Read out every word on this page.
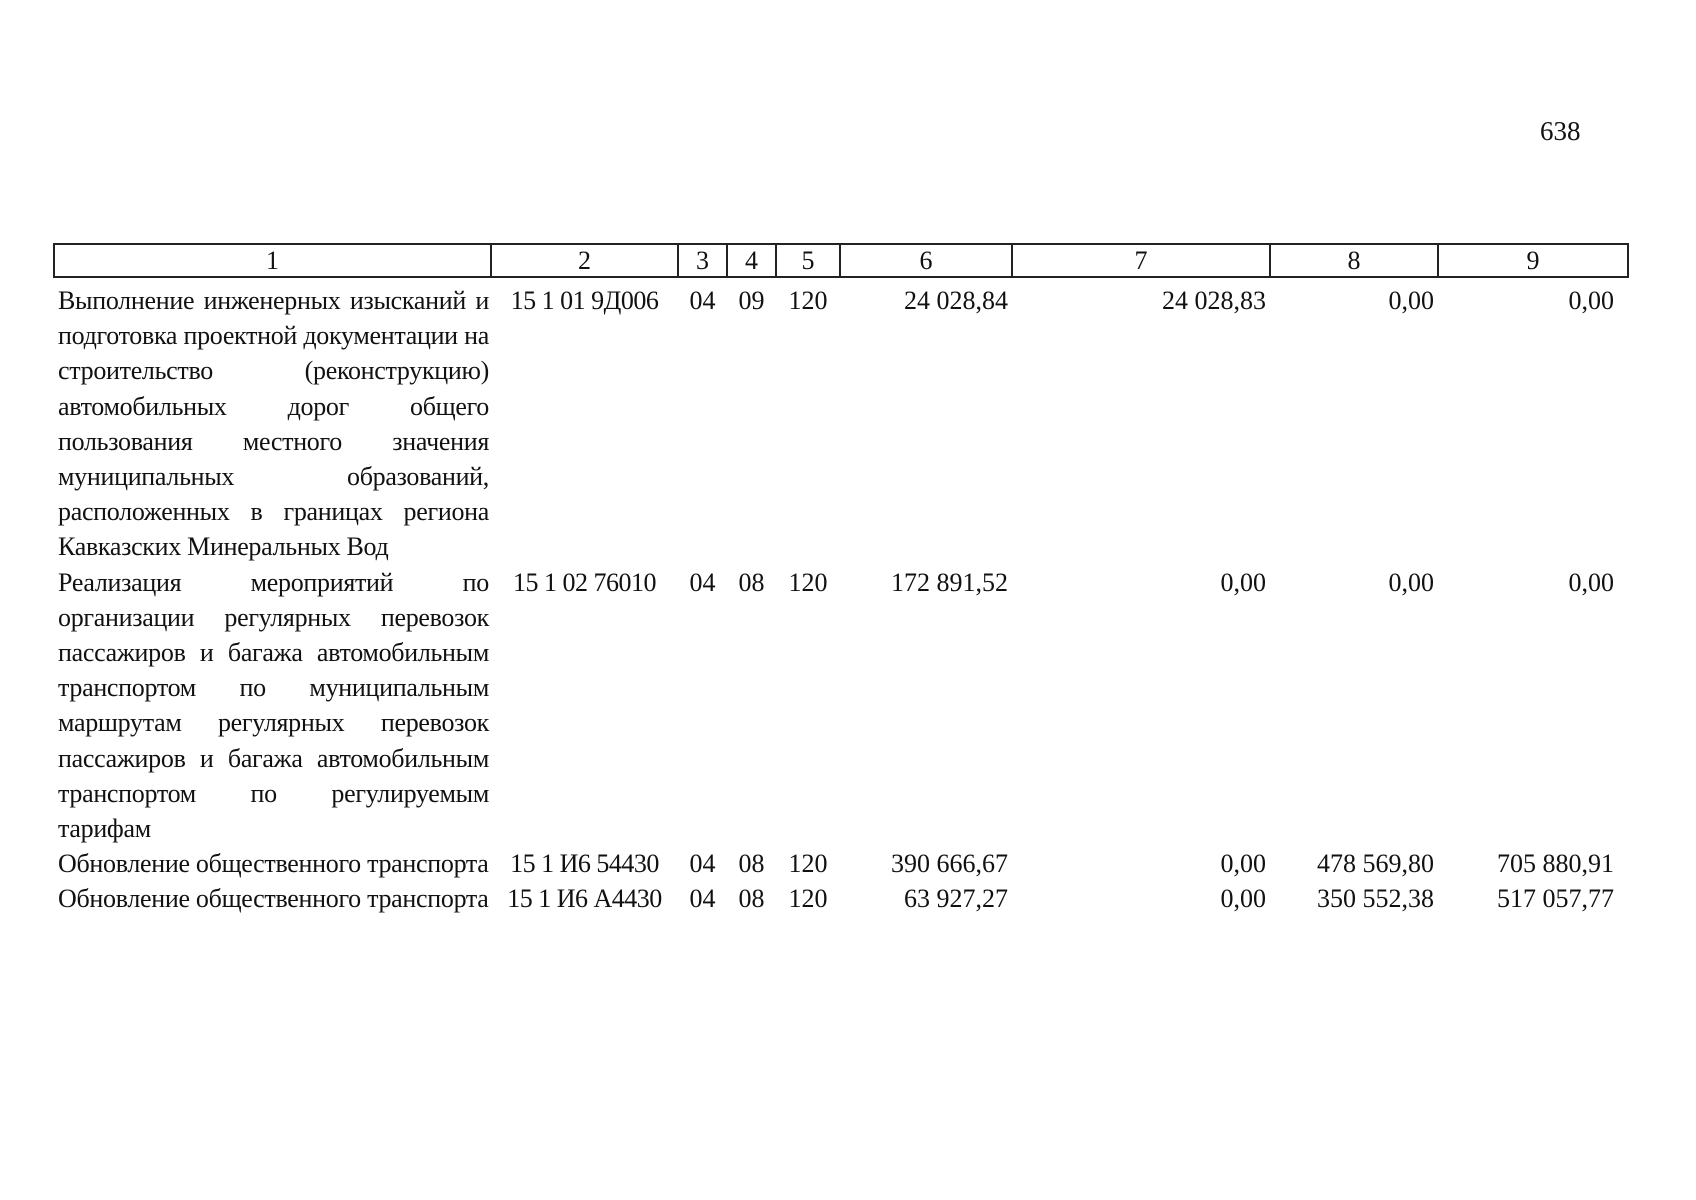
638
1	2	3	4	5	6	7	8	9
Выполнение инженерных изысканий и подготовка проектной документации на строительство (реконструкцию) автомобильных дорог общего пользования местного значения муниципальных образований, расположенных в границах региона Кавказских Минеральных Вод	15 1 01 9Д006	04	09	120	24 028,84	24 028,83	0,00	0,00
Реализация мероприятий по организации регулярных перевозок пассажиров и багажа автомобильным транспортом по муниципальным маршрутам регулярных перевозок пассажиров и багажа автомобильным транспортом по регулируемым тарифам	15 1 02 76010	04	08	120	172 891,52	0,00	0,00	0,00
Обновление общественного транспорта	15 1 И6 54430	04	08	120	390 666,67	0,00	478 569,80	705 880,91
Обновление общественного транспорта	15 1 И6 А4430	04	08	120	63 927,27	0,00	350 552,38	517 057,77
